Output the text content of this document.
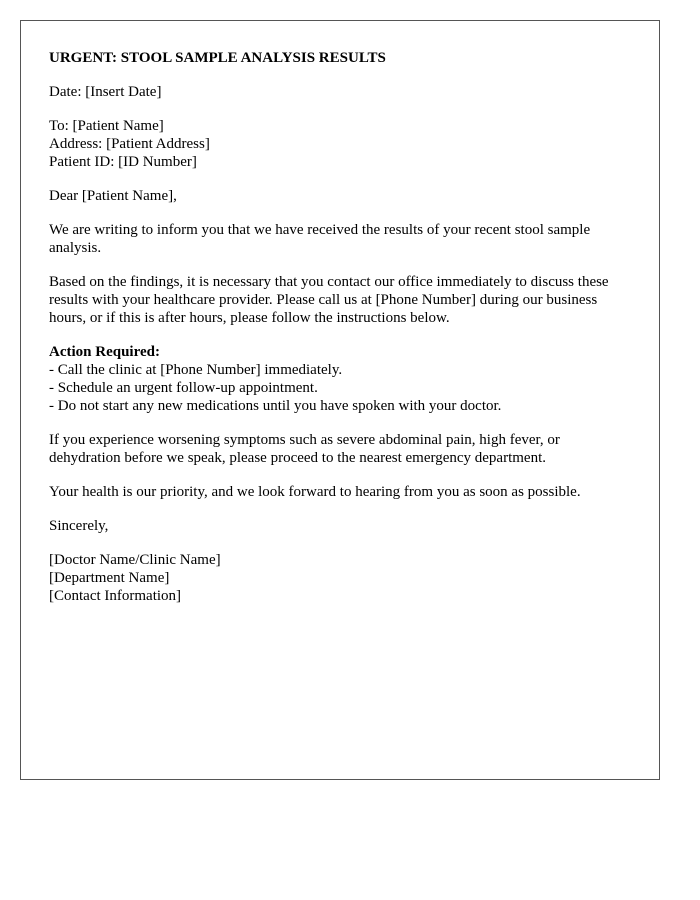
URGENT: STOOL SAMPLE ANALYSIS RESULTS
Date: [Insert Date]
To: [Patient Name]
Address: [Patient Address]
Patient ID: [ID Number]
Dear [Patient Name],
We are writing to inform you that we have received the results of your recent stool sample analysis.
Based on the findings, it is necessary that you contact our office immediately to discuss these results with your healthcare provider. Please call us at [Phone Number] during our business hours, or if this is after hours, please follow the instructions below.
Action Required:
- Call the clinic at [Phone Number] immediately.
- Schedule an urgent follow-up appointment.
- Do not start any new medications until you have spoken with your doctor.
If you experience worsening symptoms such as severe abdominal pain, high fever, or dehydration before we speak, please proceed to the nearest emergency department.
Your health is our priority, and we look forward to hearing from you as soon as possible.
Sincerely,
[Doctor Name/Clinic Name]
[Department Name]
[Contact Information]
